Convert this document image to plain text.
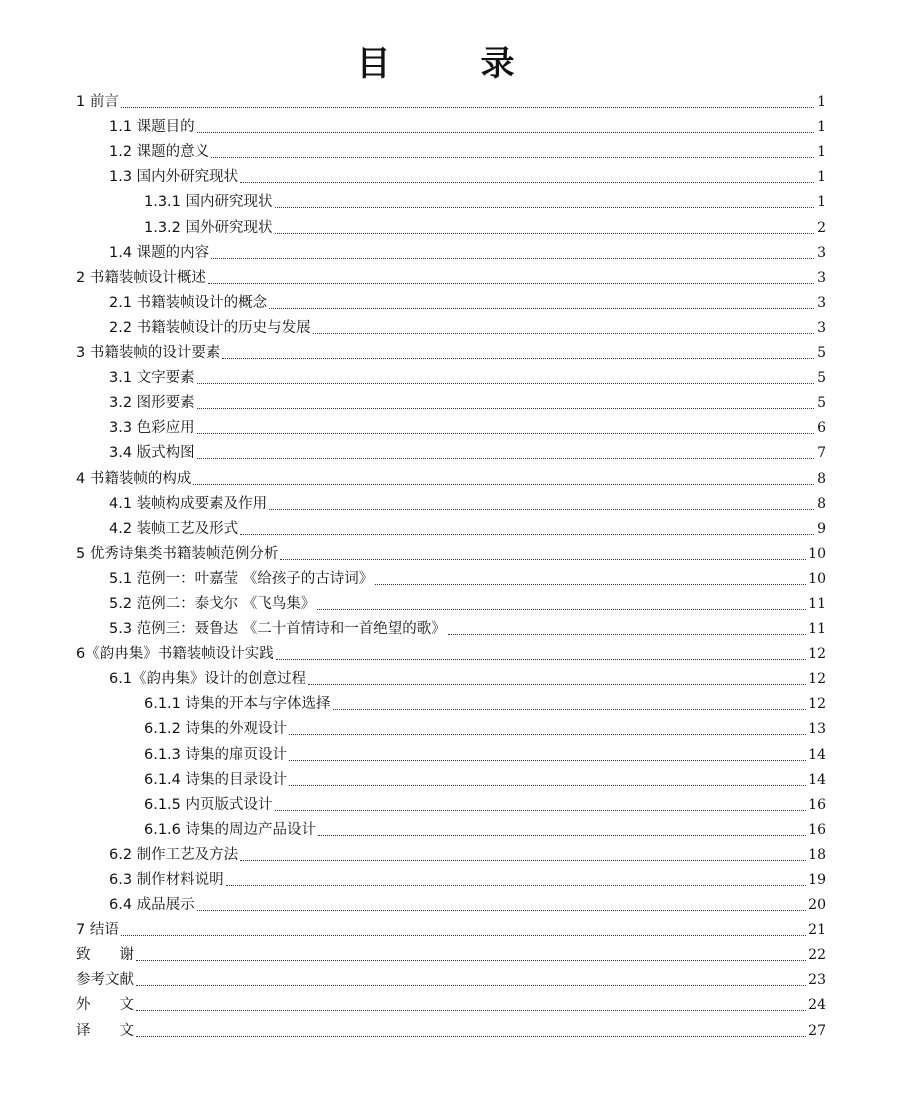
目　录
1 前言	1
1.1 课题目的	1
1.2 课题的意义	1
1.3 国内外研究现状	1
1.3.1 国内研究现状	1
1.3.2 国外研究现状	2
1.4 课题的内容	3
2 书籍装帧设计概述	3
2.1 书籍装帧设计的概念	3
2.2 书籍装帧设计的历史与发展	3
3 书籍装帧的设计要素	5
3.1 文字要素	5
3.2 图形要素	5
3.3 色彩应用	6
3.4 版式构图	7
4 书籍装帧的构成	8
4.1 装帧构成要素及作用	8
4.2 装帧工艺及形式	9
5 优秀诗集类书籍装帧范例分析	10
5.1 范例一：叶嘉莹 《给孩子的古诗词》	10
5.2 范例二：泰戈尔 《飞鸟集》	11
5.3 范例三：聂鲁达 《二十首情诗和一首绝望的歌》	11
6《韵冉集》书籍装帧设计实践	12
6.1《韵冉集》设计的创意过程	12
6.1.1 诗集的开本与字体选择	12
6.1.2 诗集的外观设计	13
6.1.3 诗集的扉页设计	14
6.1.4 诗集的目录设计	14
6.1.5 内页版式设计	16
6.1.6 诗集的周边产品设计	16
6.2 制作工艺及方法	18
6.3 制作材料说明	19
6.4 成品展示	20
7 结语	21
致　　谢	22
参考文献	23
外　　文	24
译　　文	27
